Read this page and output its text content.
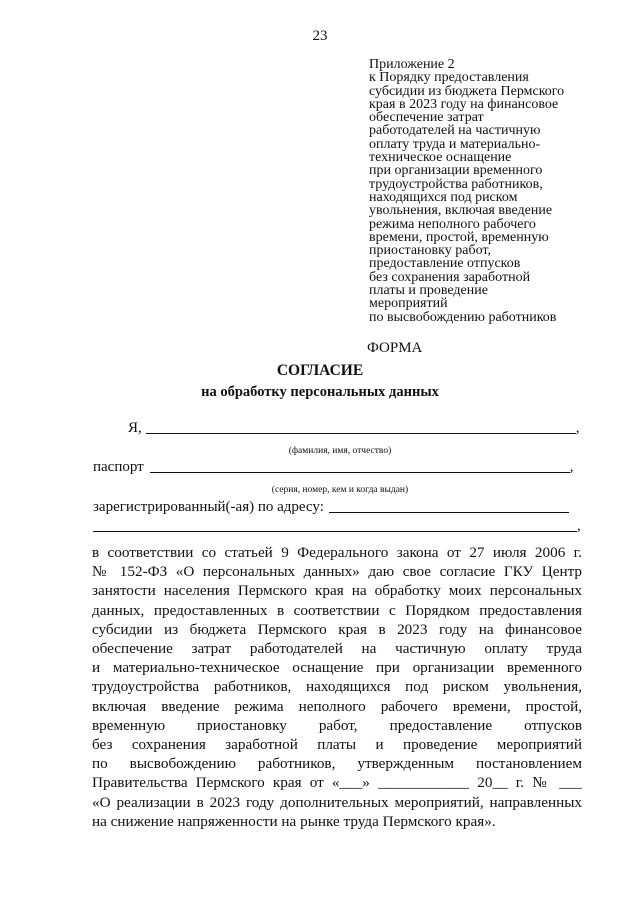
23
Приложение 2
к Порядку предоставления
субсидии из бюджета Пермского
края в 2023 году на финансовое
обеспечение затрат
работодателей на частичную
оплату труда и материально-
техническое оснащение
при организации временного
трудоустройства работников,
находящихся под риском
увольнения, включая введение
режима неполного рабочего
времени, простой, временную
приостановку работ,
предоставление отпусков
без сохранения заработной
платы и проведение
мероприятий
по высвобождению работников
ФОРМА
СОГЛАСИЕ
на обработку персональных данных
Я,	,
(фамилия, имя, отчество)
паспорт	,
(серия, номер, кем и когда выдан)
зарегистрированный(-ая) по адресу:
,
в соответствии со статьей 9 Федерального закона от 27 июля 2006 г.
№ 152-ФЗ «О персональных данных» даю свое согласие ГКУ Центр
занятости населения Пермского края на обработку моих персональных
данных, предоставленных в соответствии с Порядком предоставления
субсидии из бюджета Пермского края в 2023 году на финансовое
обеспечение затрат работодателей на частичную оплату труда
и материально-техническое оснащение при организации временного
трудоустройства работников, находящихся под риском увольнения,
включая введение режима неполного рабочего времени, простой,
временную приостановку работ, предоставление отпусков
без сохранения заработной платы и проведение мероприятий
по высвобождению работников, утвержденным постановлением
Правительства Пермского края от «___» ____________ 20__ г. № ___
«О реализации в 2023 году дополнительных мероприятий, направленных
на снижение напряженности на рынке труда Пермского края».
